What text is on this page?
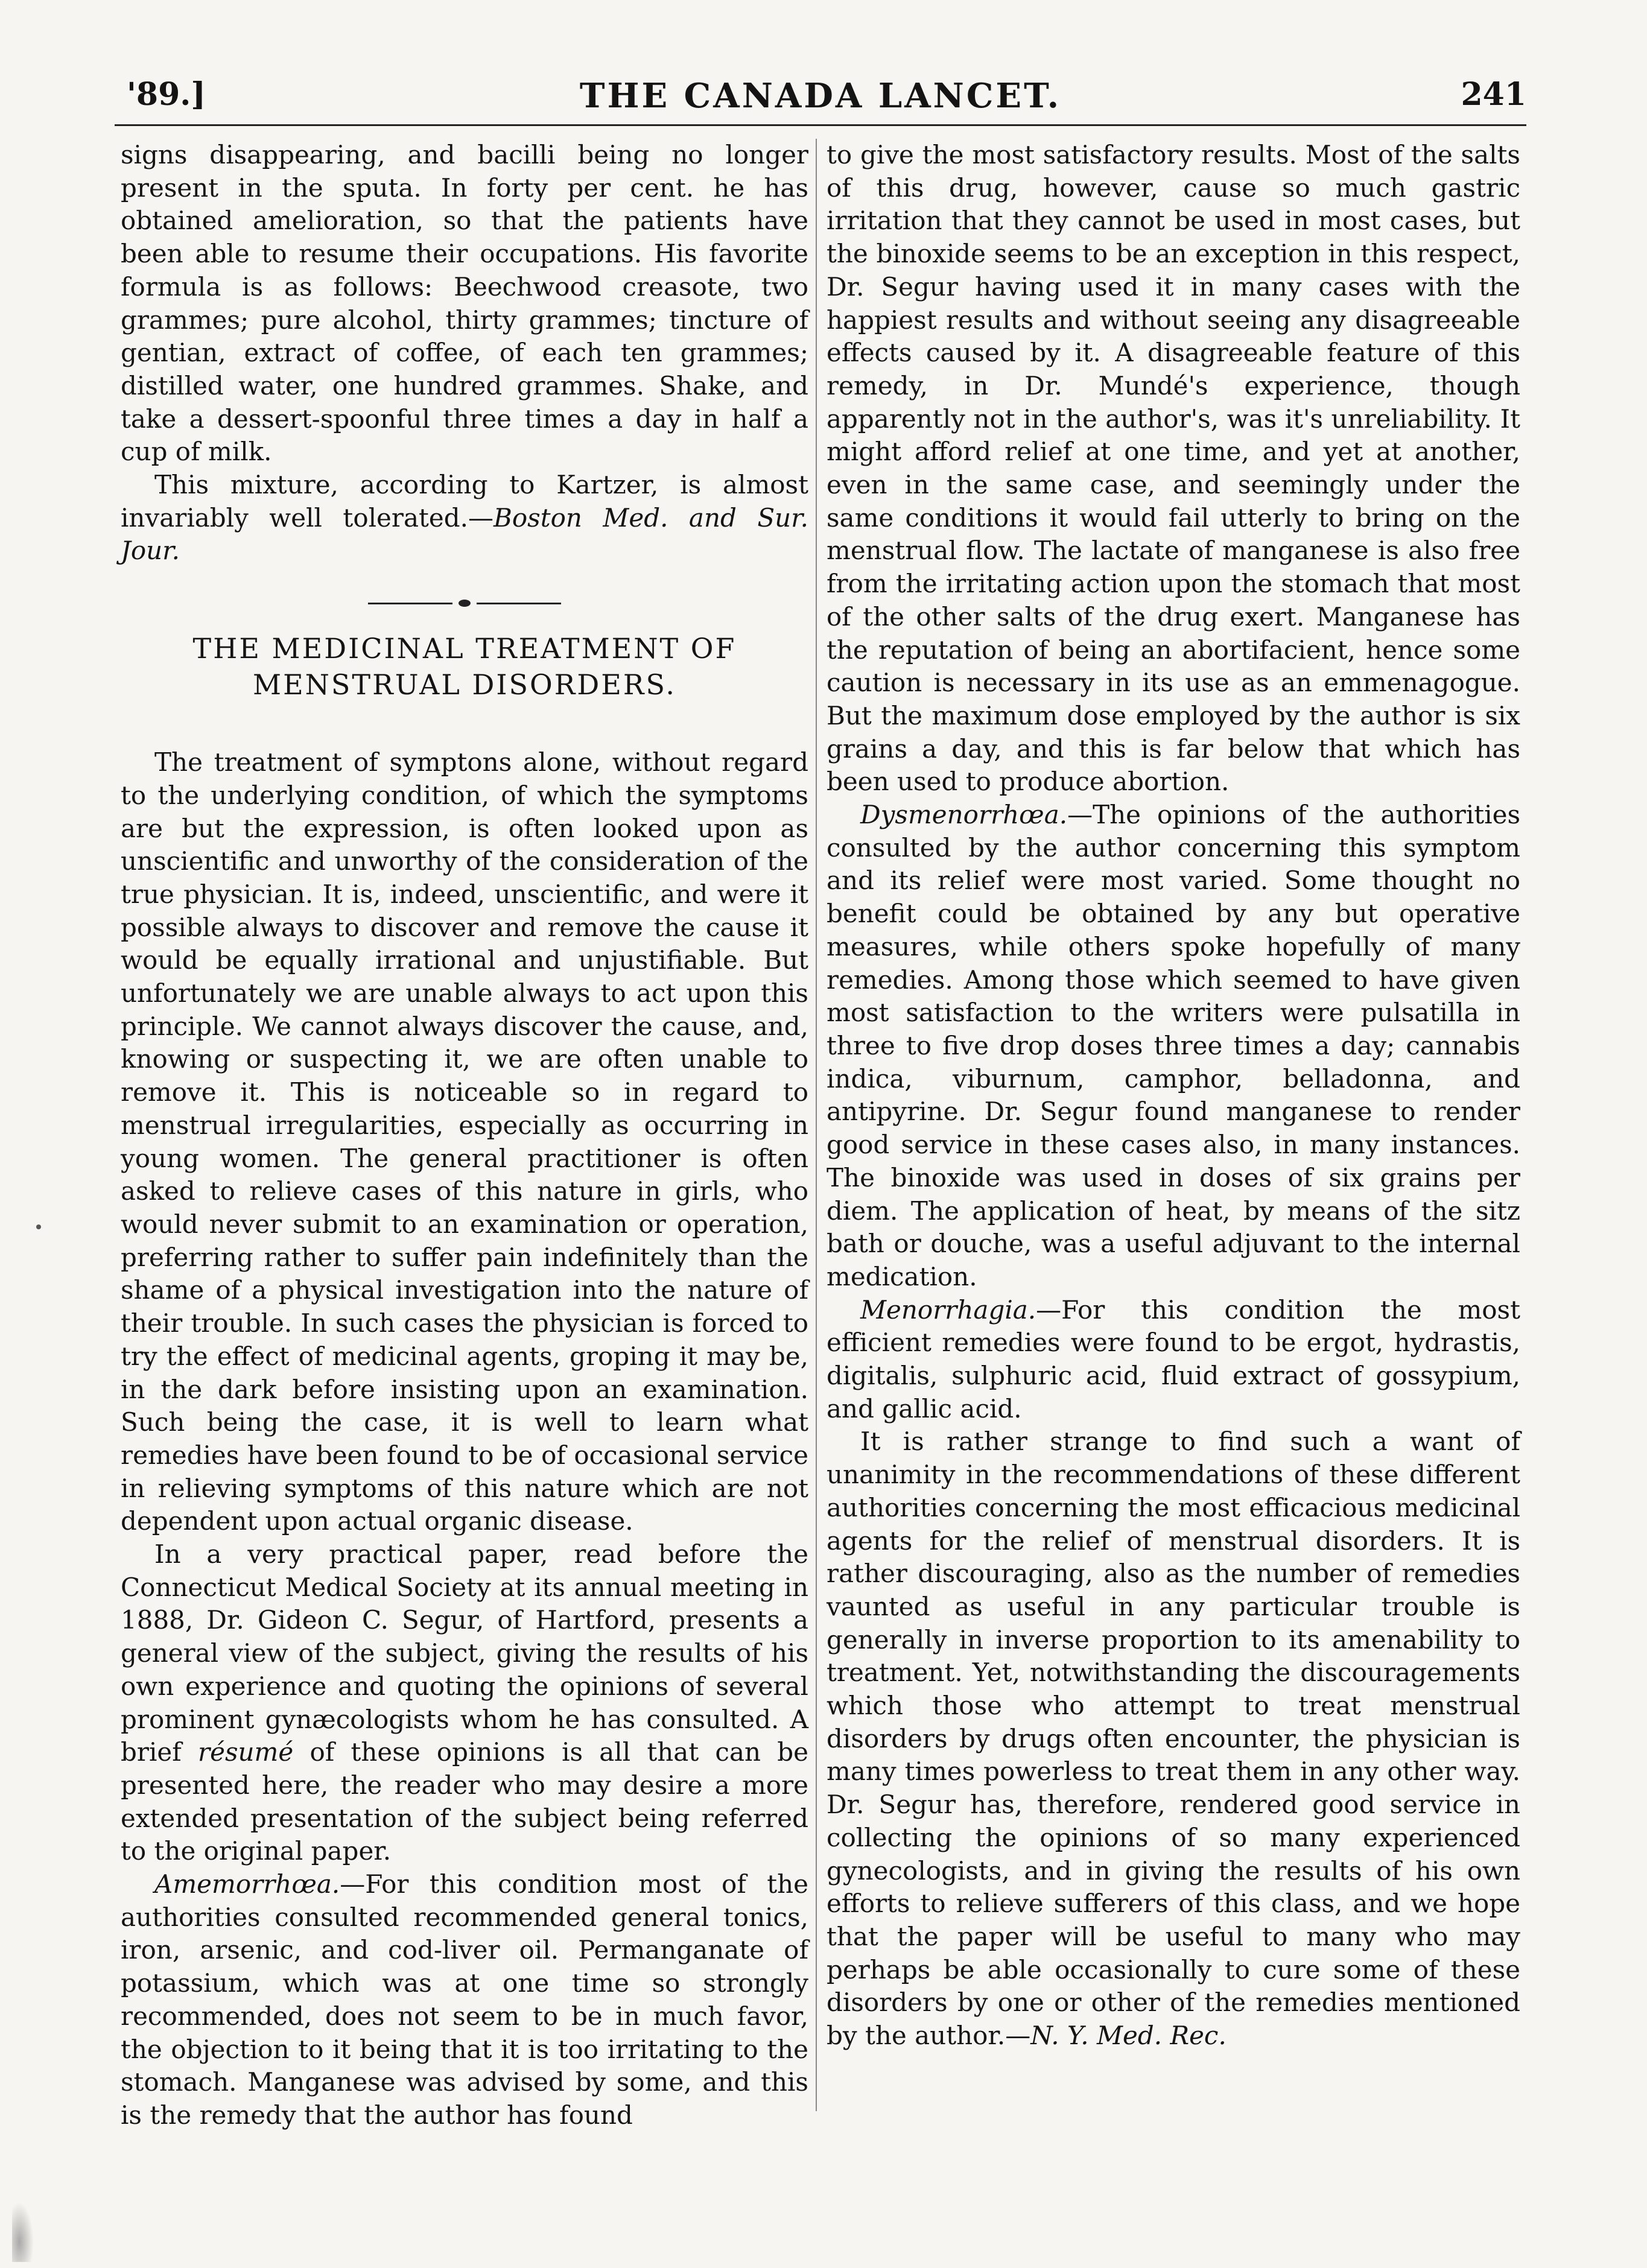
'89.]	THE CANADA LANCET.	241

signs disappearing, and bacilli being no longer present in the sputa. In forty per cent. he has obtained amelioration, so that the patients have been able to resume their occupations. His favorite formula is as follows: Beechwood creasote, two grammes; pure alcohol, thirty grammes; tincture of gentian, extract of coffee, of each ten grammes; distilled water, one hundred grammes. Shake, and take a dessert-spoonful three times a day in half a cup of milk.

This mixture, according to Kartzer, is almost invariably well tolerated.—Boston Med. and Sur. Jour.

THE MEDICINAL TREATMENT OF MENSTRUAL DISORDERS.

The treatment of symptons alone, without regard to the underlying condition, of which the symptoms are but the expression, is often looked upon as unscientific and unworthy of the consideration of the true physician. It is, indeed, unscientific, and were it possible always to discover and remove the cause it would be equally irrational and unjustifiable. But unfortunately we are unable always to act upon this principle. We cannot always discover the cause, and, knowing or suspecting it, we are often unable to remove it. This is noticeable so in regard to menstrual irregularities, especially as occurring in young women. The general practitioner is often asked to relieve cases of this nature in girls, who would never submit to an examination or operation, preferring rather to suffer pain indefinitely than the shame of a physical investigation into the nature of their trouble. In such cases the physician is forced to try the effect of medicinal agents, groping it may be, in the dark before insisting upon an examination. Such being the case, it is well to learn what remedies have been found to be of occasional service in relieving symptoms of this nature which are not dependent upon actual organic disease.

In a very practical paper, read before the Connecticut Medical Society at its annual meeting in 1888, Dr. Gideon C. Segur, of Hartford, presents a general view of the subject, giving the results of his own experience and quoting the opinions of several prominent gynæcologists whom he has consulted. A brief résumé of these opinions is all that can be presented here, the reader who may desire a more extended presentation of the subject being referred to the original paper.

Amemorrhœa.—For this condition most of the authorities consulted recommended general tonics, iron, arsenic, and cod-liver oil. Permanganate of potassium, which was at one time so strongly recommended, does not seem to be in much favor, the objection to it being that it is too irritating to the stomach. Manganese was advised by some, and this is the remedy that the author has found

to give the most satisfactory results. Most of the salts of this drug, however, cause so much gastric irritation that they cannot be used in most cases, but the binoxide seems to be an exception in this respect, Dr. Segur having used it in many cases with the happiest results and without seeing any disagreeable effects caused by it. A disagreeable feature of this remedy, in Dr. Mundé's experience, though apparently not in the author's, was it's unreliability. It might afford relief at one time, and yet at another, even in the same case, and seemingly under the same conditions it would fail utterly to bring on the menstrual flow. The lactate of manganese is also free from the irritating action upon the stomach that most of the other salts of the drug exert. Manganese has the reputation of being an abortifacient, hence some caution is necessary in its use as an emmenagogue. But the maximum dose employed by the author is six grains a day, and this is far below that which has been used to produce abortion.

Dysmenorrhœa.—The opinions of the authorities consulted by the author concerning this symptom and its relief were most varied. Some thought no benefit could be obtained by any but operative measures, while others spoke hopefully of many remedies. Among those which seemed to have given most satisfaction to the writers were pulsatilla in three to five drop doses three times a day; cannabis indica, viburnum, camphor, belladonna, and antipyrine. Dr. Segur found manganese to render good service in these cases also, in many instances. The binoxide was used in doses of six grains per diem. The application of heat, by means of the sitz bath or douche, was a useful adjuvant to the internal medication.

Menorrhagia.—For this condition the most efficient remedies were found to be ergot, hydrastis, digitalis, sulphuric acid, fluid extract of gossypium, and gallic acid.

It is rather strange to find such a want of unanimity in the recommendations of these different authorities concerning the most efficacious medicinal agents for the relief of menstrual disorders. It is rather discouraging, also as the number of remedies vaunted as useful in any particular trouble is generally in inverse proportion to its amenability to treatment. Yet, notwithstanding the discouragements which those who attempt to treat menstrual disorders by drugs often encounter, the physician is many times powerless to treat them in any other way. Dr. Segur has, therefore, rendered good service in collecting the opinions of so many experienced gynecologists, and in giving the results of his own efforts to relieve sufferers of this class, and we hope that the paper will be useful to many who may perhaps be able occasionally to cure some of these disorders by one or other of the remedies mentioned by the author.—N. Y. Med. Rec.
